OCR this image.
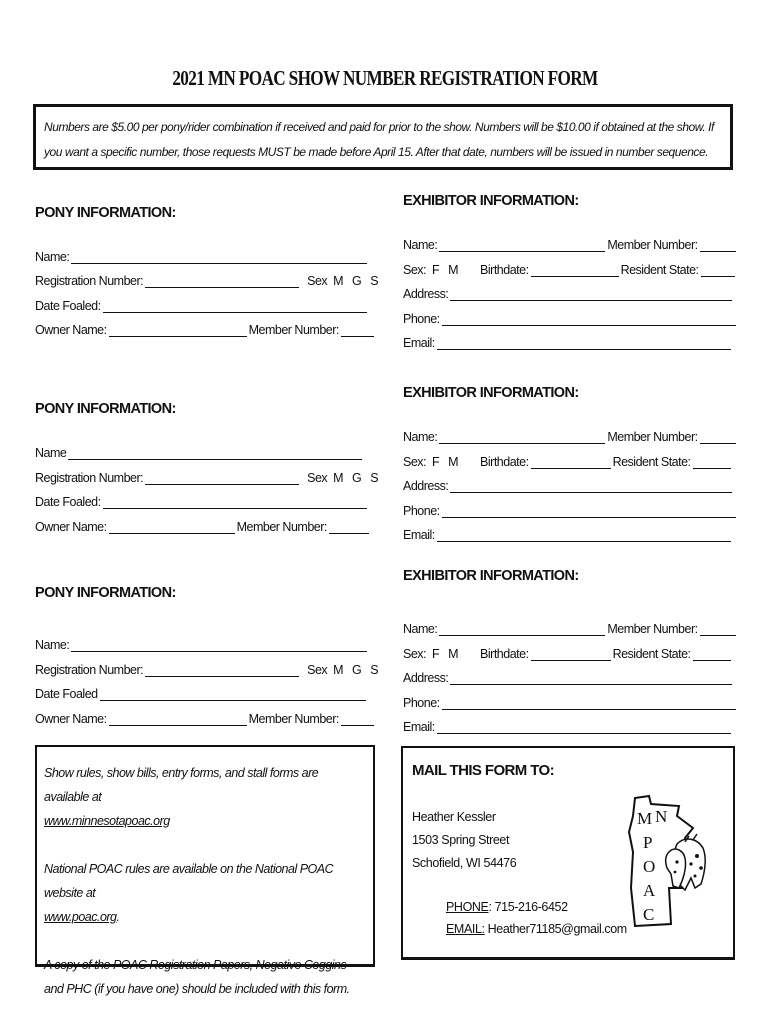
2021 MN POAC SHOW NUMBER REGISTRATION FORM
Numbers are $5.00 per pony/rider combination if received and paid for prior to the show. Numbers will be $10.00 if obtained at the show. If you want a specific number, those requests MUST be made before April 15. After that date, numbers will be issued in number sequence.
PONY INFORMATION:
Name:
Registration Number:	Sex M G S
Date Foaled:
Owner Name:	Member Number:
EXHIBITOR INFORMATION:
Name:	Member Number:
Sex: F M Birthdate:	Resident State:
Address:
Phone:
Email:
PONY INFORMATION:
Name
Registration Number:	Sex M G S
Date Foaled:
Owner Name:	Member Number:
EXHIBITOR INFORMATION:
Name:	Member Number:
Sex: F M Birthdate:	Resident State:
Address:
Phone:
Email:
PONY INFORMATION:
Name:
Registration Number:	Sex M G S
Date Foaled
Owner Name:	Member Number:
EXHIBITOR INFORMATION:
Name:	Member Number:
Sex: F M Birthdate:	Resident State:
Address:
Phone:
Email:

Show rules, show bills, entry forms, and stall forms are available at
www.minnesotapoac.org

National POAC rules are available on the National POAC website at
www.poac.org.

A copy of the POAC Registration Papers, Negative Coggins and PHC (if you have one) should be included with this form.

MAIL THIS FORM TO:
Heather Kessler
1503 Spring Street
Schofield, WI 54476
PHONE: 715-216-6452
EMAIL: Heather71185@gmail.com
M N
P
O
A
C
